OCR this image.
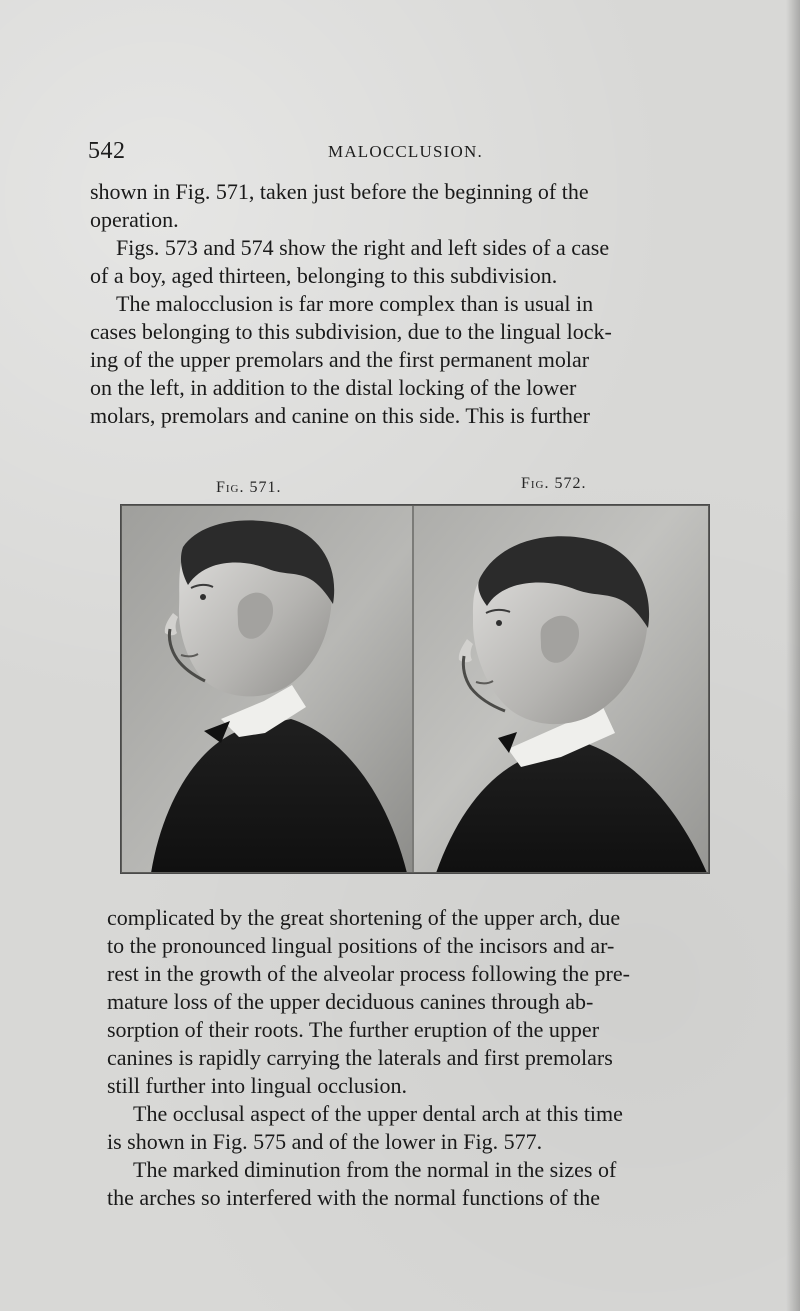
542	MALOCCLUSION.

shown in Fig. 571, taken just before the beginning of the

operation.

Figs. 573 and 574 show the right and left sides of a case

of a boy, aged thirteen, belonging to this subdivision.

The malocclusion is far more complex than is usual in

cases belonging to this subdivision, due to the lingual lock-

ing of the upper premolars and the first permanent molar

on the left, in addition to the distal locking of the lower

molars, premolars and canine on this side. This is further

Fig. 571.	Fig. 572.

complicated by the great shortening of the upper arch, due

to the pronounced lingual positions of the incisors and ar-

rest in the growth of the alveolar process following the pre-

mature loss of the upper deciduous canines through ab-

sorption of their roots. The further eruption of the upper

canines is rapidly carrying the laterals and first premolars

still further into lingual occlusion.

The occlusal aspect of the upper dental arch at this time

is shown in Fig. 575 and of the lower in Fig. 577.

The marked diminution from the normal in the sizes of

the arches so interfered with the normal functions of the
